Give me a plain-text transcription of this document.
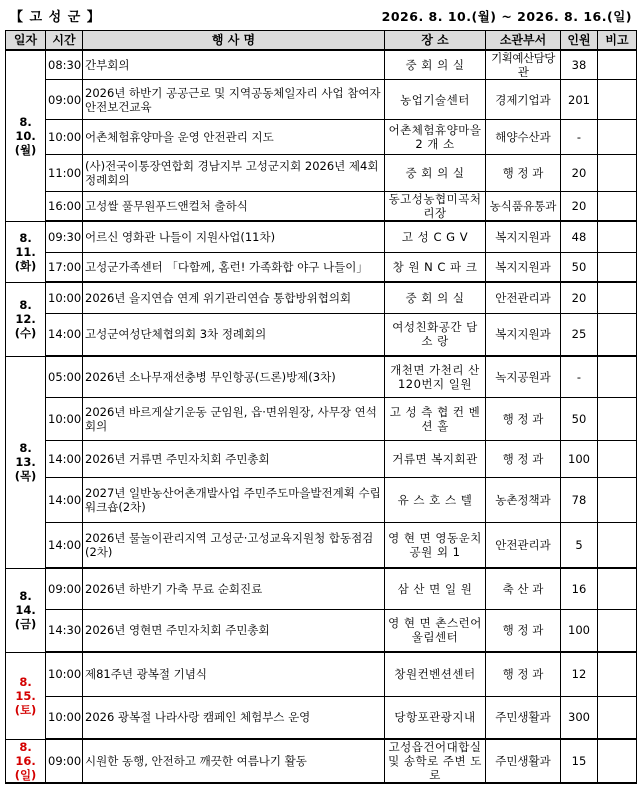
【 고 성 군 】	2026. 8. 10.(월) ~ 2026. 8. 16.(일)
일자	시간	행 사 명	장 소	소관부서	인원	비고

8. 10.
(월)	08:30	간부회의	중 회 의 실	기획예산담당관	38	
	09:00	2026년 하반기 공공근로 및 지역공동체일자리 사업 참여자 안전보건교육	농업기술센터	경제기업과	201	
	10:00	어촌체험휴양마을 운영 안전관리 지도	어촌체험휴양마을 2 개 소	해양수산과	-	
	11:00	(사)전국이통장연합회 경남지부 고성군지회 2026년 제4회 정례회의	중 회 의 실	행 정 과	20	
	16:00	고성쌀 풀무원푸드앤컬처 출하식	동고성농협미곡처리장	농식품유통과	20	

8. 11.
(화)	09:30	어르신 영화관 나들이 지원사업(11차)	고 성 C G V	복지지원과	48	
	17:00	고성군가족센터 「다함께, 홈런! 가족화합 야구 나들이」	창 원 N C 파 크	복지지원과	50	

8. 12.
(수)	10:00	2026년 을지연습 연계 위기관리연습 통합방위협의회	중 회 의 실	안전관리과	20	
	14:00	고성군여성단체협의회 3차 정례회의	여성친화공간 담 소 랑	복지지원과	25	

8. 13.
(목)	05:00	2026년 소나무재선충병 무인항공(드론)방제(3차)	개천면 가천리 산120번지 일원	녹지공원과	-	
	10:00	2026년 바르게살기운동 군임원, 읍·면위원장, 사무장 연석회의	고 성 측 협 컨 벤 션 홀	행 정 과	50	
	14:00	2026년 거류면 주민자치회 주민총회	거류면 복지회관	행 정 과	100	
	14:00	2027년 일반농산어촌개발사업 주민주도마을발전계획 수립 워크숍(2차)	유 스 호 스 텔	농촌정책과	78	
	14:00	2026년 물놀이관리지역 고성군·고성교육지원청 합동점검(2차)	영 현 면 영동운치공원 외 1	안전관리과	5	

8. 14.
(금)	09:00	2026년 하반기 가축 무료 순회진료	삼 산 면 일 원	축 산 과	16	
	14:30	2026년 영현면 주민자치회 주민총회	영 현 면 촌스런어울림센터	행 정 과	100	

8. 15.
(토)	10:00	제81주년 광복절 기념식	창원컨벤션센터	행 정 과	12	
	10:00	2026 광복절 나라사랑 캠페인 체험부스 운영	당항포관광지내	주민생활과	300	

8. 16.
(일)	09:00	시원한 동행, 안전하고 깨끗한 여름나기 활동	고성읍건어대합실 및 송학로 주변 도로	주민생활과	15	
